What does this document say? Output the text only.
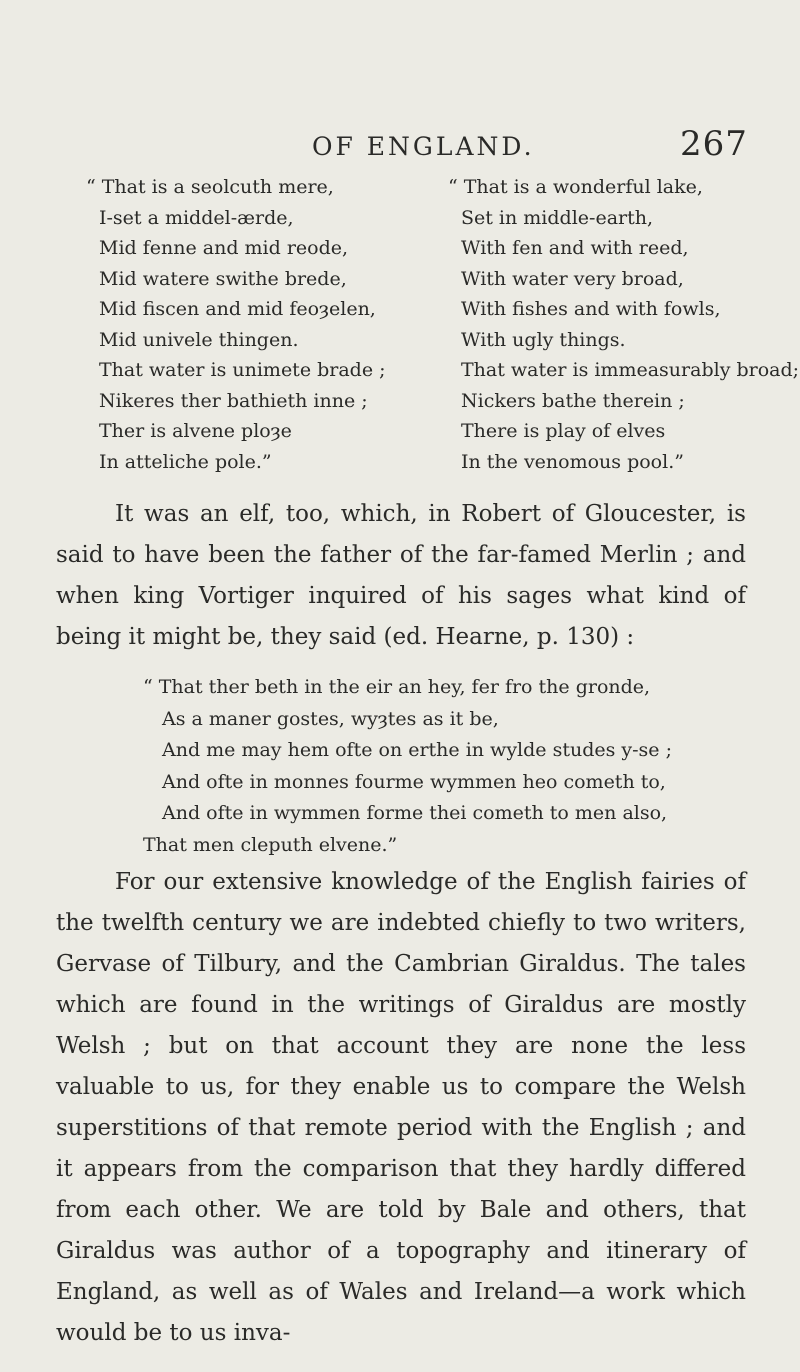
OF ENGLAND.	267
“ That is a seolcuth mere,
I-set a middel-ærde,
Mid fenne and mid reode,
Mid watere swithe brede,
Mid fiscen and mid feoȝelen,
Mid univele thingen.
That water is unimete brade ;
Nikeres ther bathieth inne ;
Ther is alvene ploȝe
In atteliche pole.”
“ That is a wonderful lake,
Set in middle-earth,
With fen and with reed,
With water very broad,
With fishes and with fowls,
With ugly things.
That water is immeasurably broad;
Nickers bathe therein ;
There is play of elves
In the venomous pool.”

It was an elf, too, which, in Robert of Gloucester, is said to have been the father of the far-famed Merlin ; and when king Vortiger inquired of his sages what kind of being it might be, they said (ed. Hearne, p. 130) :

“ That ther beth in the eir an hey, fer fro the gronde,
As a maner gostes, wyȝtes as it be,
And me may hem ofte on erthe in wylde studes y-se ;
And ofte in monnes fourme wymmen heo cometh to,
And ofte in wymmen forme thei cometh to men also,
That men cleputh elvene.”

For our extensive knowledge of the English fairies of the twelfth century we are indebted chiefly to two writers, Gervase of Tilbury, and the Cambrian Giraldus. The tales which are found in the writings of Giraldus are mostly Welsh ; but on that account they are none the less valuable to us, for they enable us to compare the Welsh superstitions of that remote period with the English ; and it appears from the comparison that they hardly differed from each other. We are told by Bale and others, that Giraldus was author of a topography and itinerary of England, as well as of Wales and Ireland—a work which would be to us inva-
